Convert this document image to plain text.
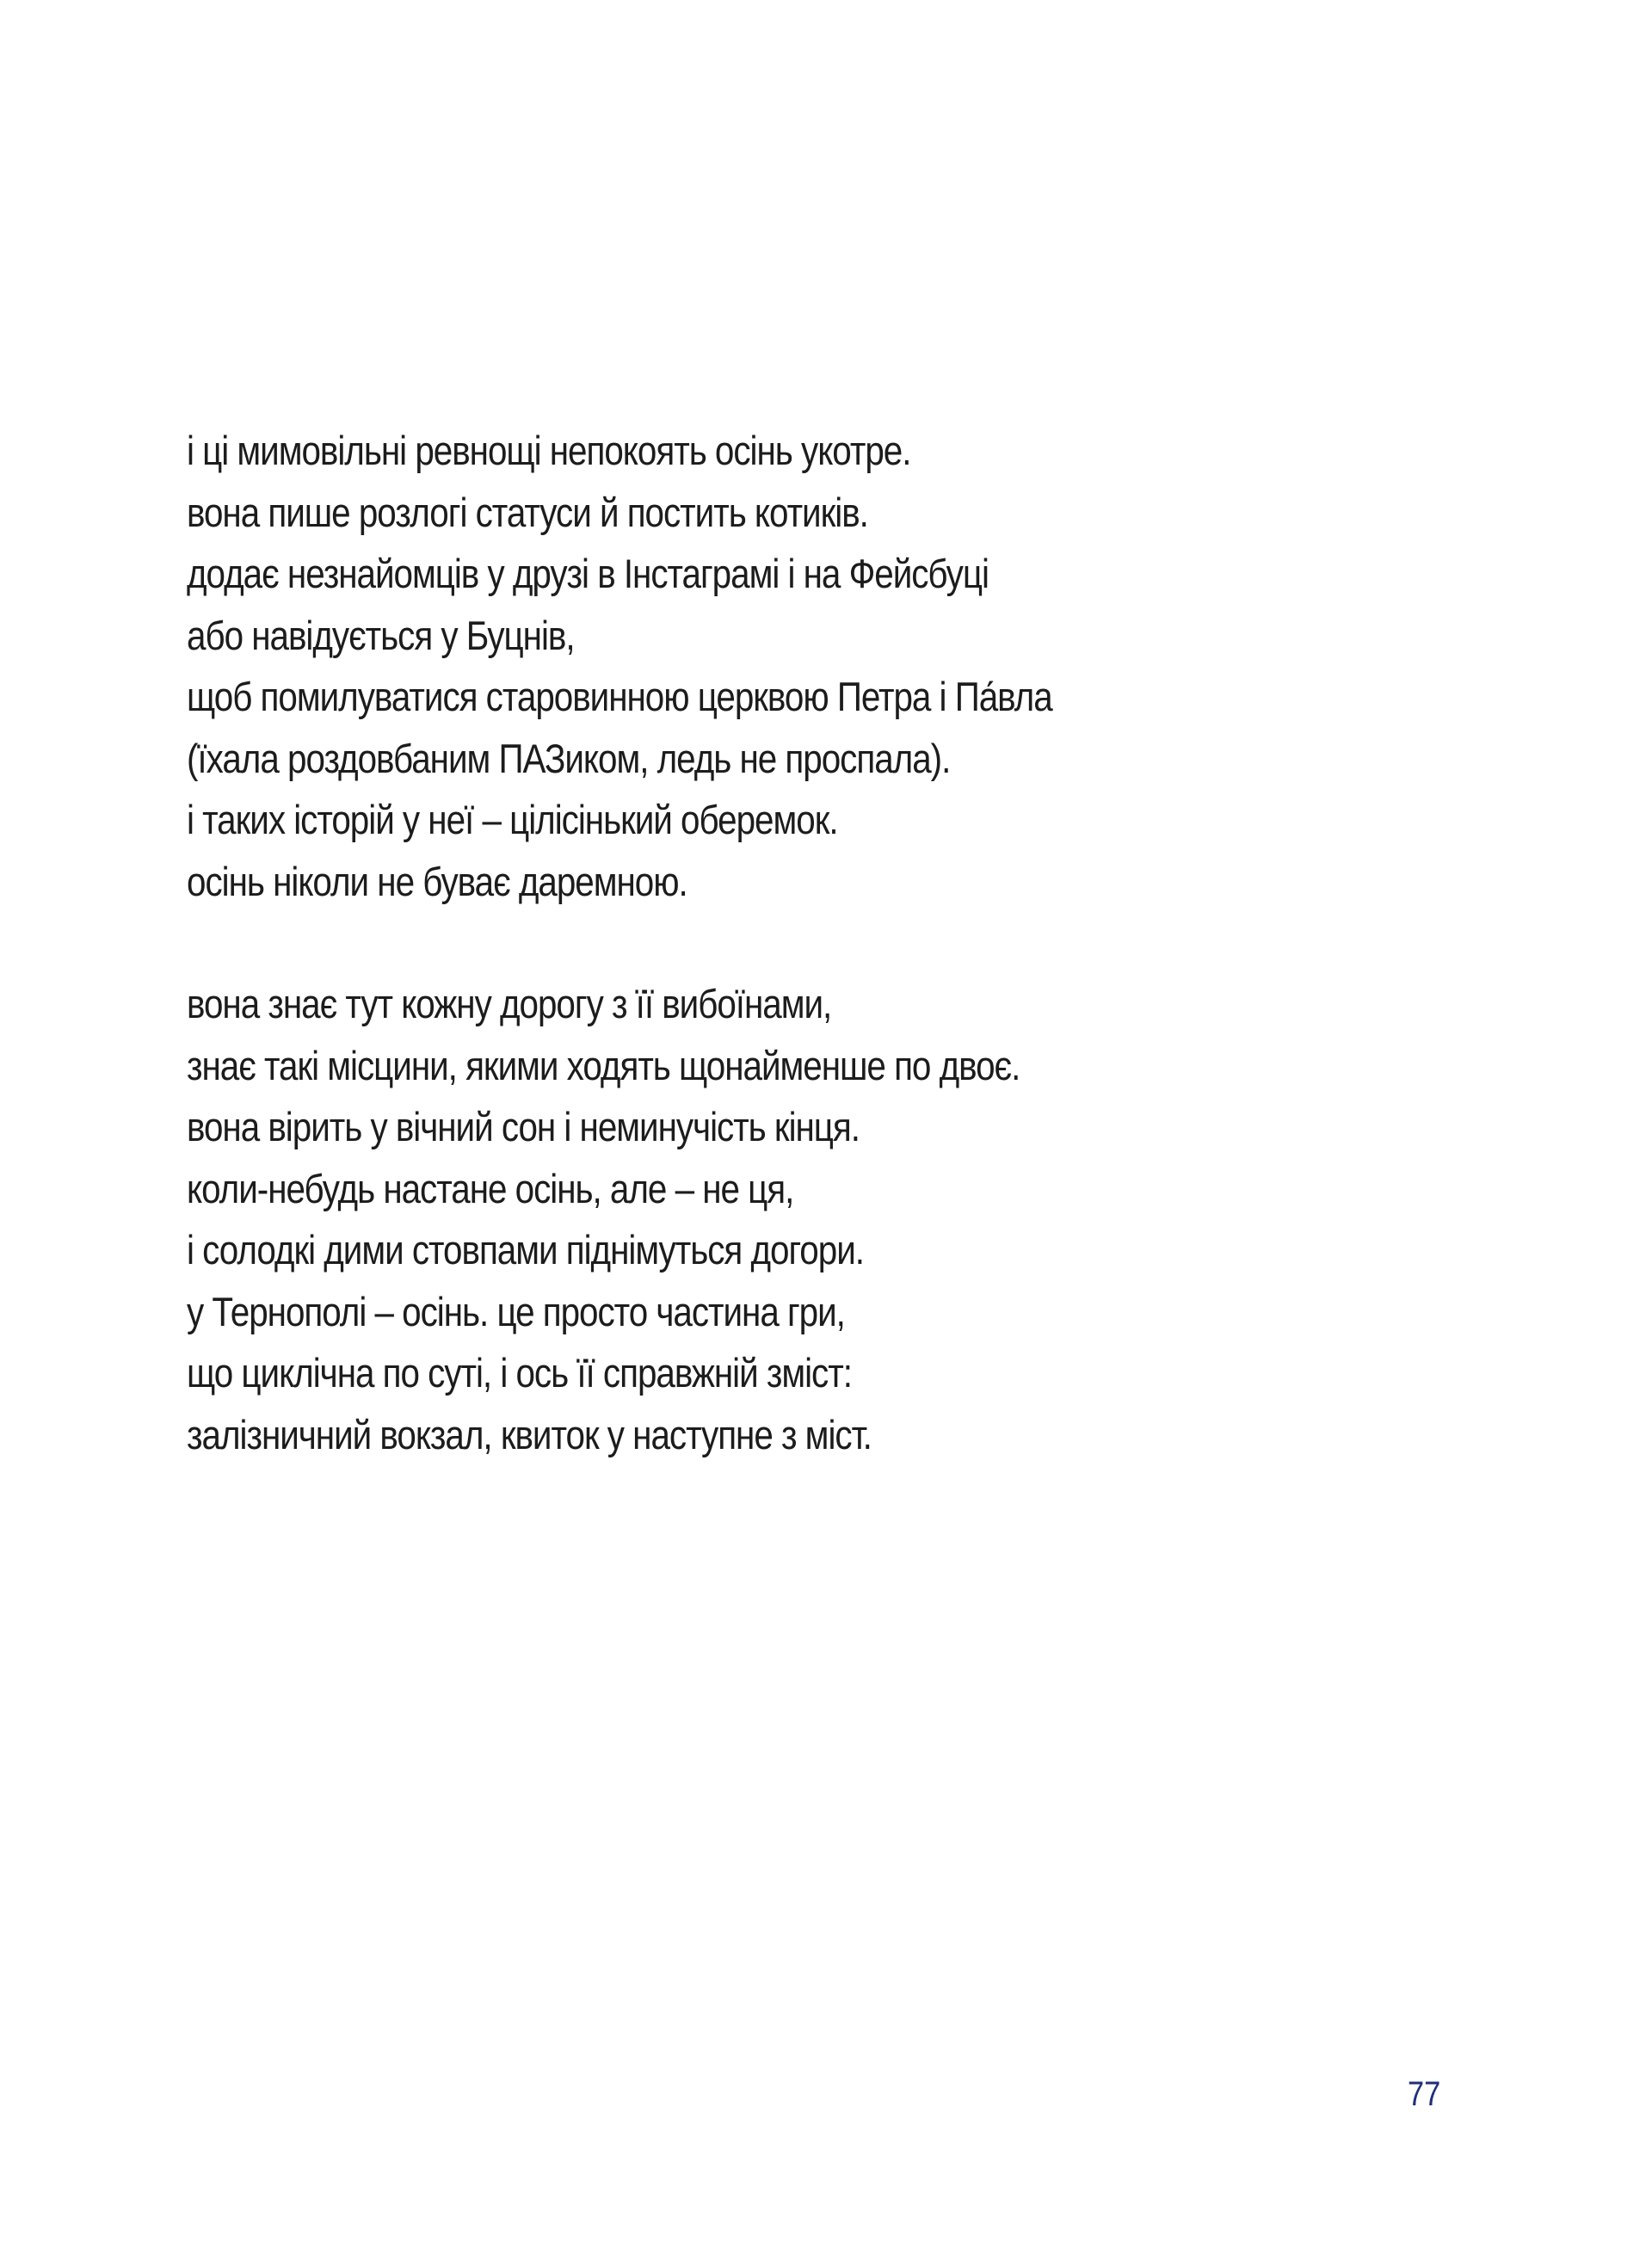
і ці мимовільні ревнощі непокоять осінь укотре.
вона пише розлогі статуси й постить котиків.
додає незнайомців у друзі в Інстаграмі і на Фейсбуці
або навідується у Буцнів,
щоб помилуватися старовинною церквою Петра і Па́вла
(їхала роздовбаним ПАЗиком, ледь не проспала).
і таких історій у неї – цілісінький оберемок.
осінь ніколи не буває даремною.

вона знає тут кожну дорогу з її вибоїнами,
знає такі місцини, якими ходять щонайменше по двоє.
вона вірить у вічний сон і неминучість кінця.
коли-небудь настане осінь, але – не ця,
і солодкі дими стовпами піднімуться догори.
у Тернополі – осінь. це просто частина гри,
що циклічна по суті, і ось її справжній зміст:
залізничний вокзал, квиток у наступне з міст.

77
